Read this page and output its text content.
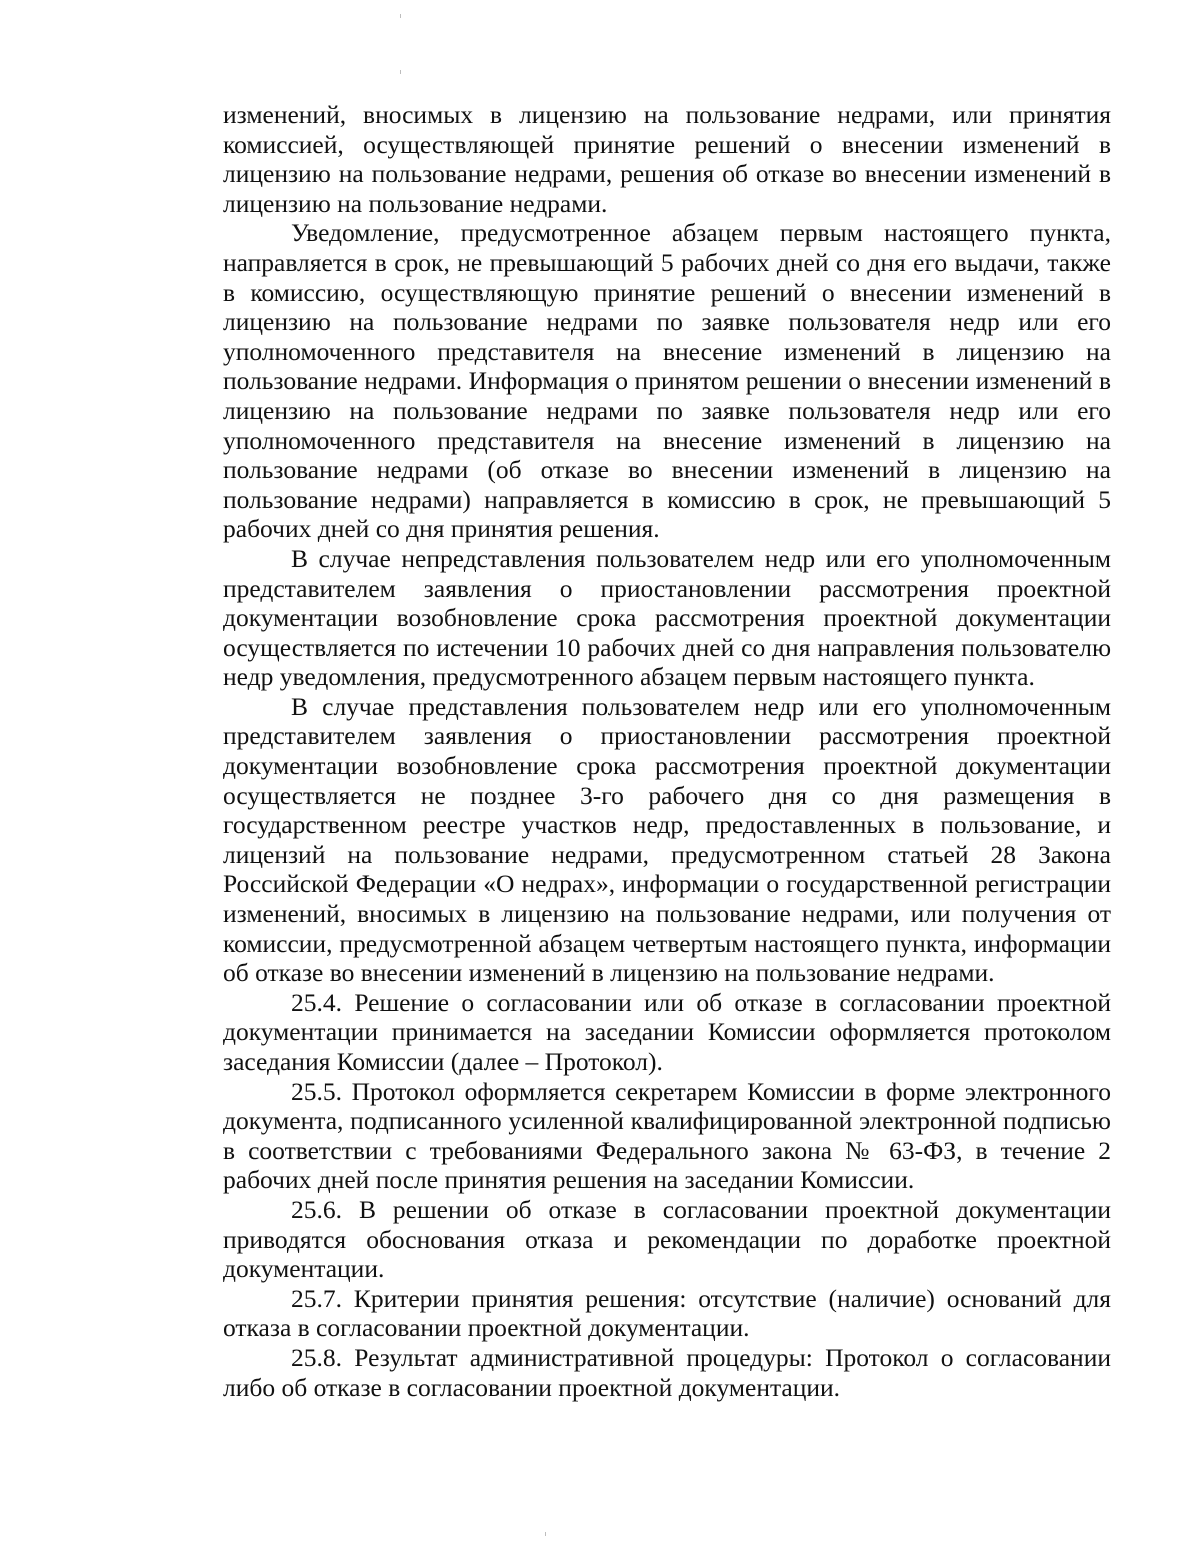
изменений, вносимых в лицензию на пользование недрами, или принятия комиссией, осуществляющей принятие решений о внесении изменений в лицензию на пользование недрами, решения об отказе во внесении изменений в лицензию на пользование недрами.

Уведомление, предусмотренное абзацем первым настоящего пункта, направляется в срок, не превышающий 5 рабочих дней со дня его выдачи, также в комиссию, осуществляющую принятие решений о внесении изменений в лицензию на пользование недрами по заявке пользователя недр или его уполномоченного представителя на внесение изменений в лицензию на пользование недрами. Информация о принятом решении о внесении изменений в лицензию на пользование недрами по заявке пользователя недр или его уполномоченного представителя на внесение изменений в лицензию на пользование недрами (об отказе во внесении изменений в лицензию на пользование недрами) направляется в комиссию в срок, не превышающий 5 рабочих дней со дня принятия решения.

В случае непредставления пользователем недр или его уполномоченным представителем заявления о приостановлении рассмотрения проектной документации возобновление срока рассмотрения проектной документации осуществляется по истечении 10 рабочих дней со дня направления пользователю недр уведомления, предусмотренного абзацем первым настоящего пункта.

В случае представления пользователем недр или его уполномоченным представителем заявления о приостановлении рассмотрения проектной документации возобновление срока рассмотрения проектной документации осуществляется не позднее 3-го рабочего дня со дня размещения в государственном реестре участков недр, предоставленных в пользование, и лицензий на пользование недрами, предусмотренном статьей 28 Закона Российской Федерации «О недрах», информации о государственной регистрации изменений, вносимых в лицензию на пользование недрами, или получения от комиссии, предусмотренной абзацем четвертым настоящего пункта, информации об отказе во внесении изменений в лицензию на пользование недрами.

25.4. Решение о согласовании или об отказе в согласовании проектной документации принимается на заседании Комиссии оформляется протоколом заседания Комиссии (далее – Протокол).

25.5. Протокол оформляется секретарем Комиссии в форме электронного документа, подписанного усиленной квалифицированной электронной подписью в соответствии с требованиями Федерального закона № 63-ФЗ, в течение 2 рабочих дней после принятия решения на заседании Комиссии.

25.6. В решении об отказе в согласовании проектной документации приводятся обоснования отказа и рекомендации по доработке проектной документации.

25.7. Критерии принятия решения: отсутствие (наличие) оснований для отказа в согласовании проектной документации.

25.8. Результат административной процедуры: Протокол о согласовании либо об отказе в согласовании проектной документации.
